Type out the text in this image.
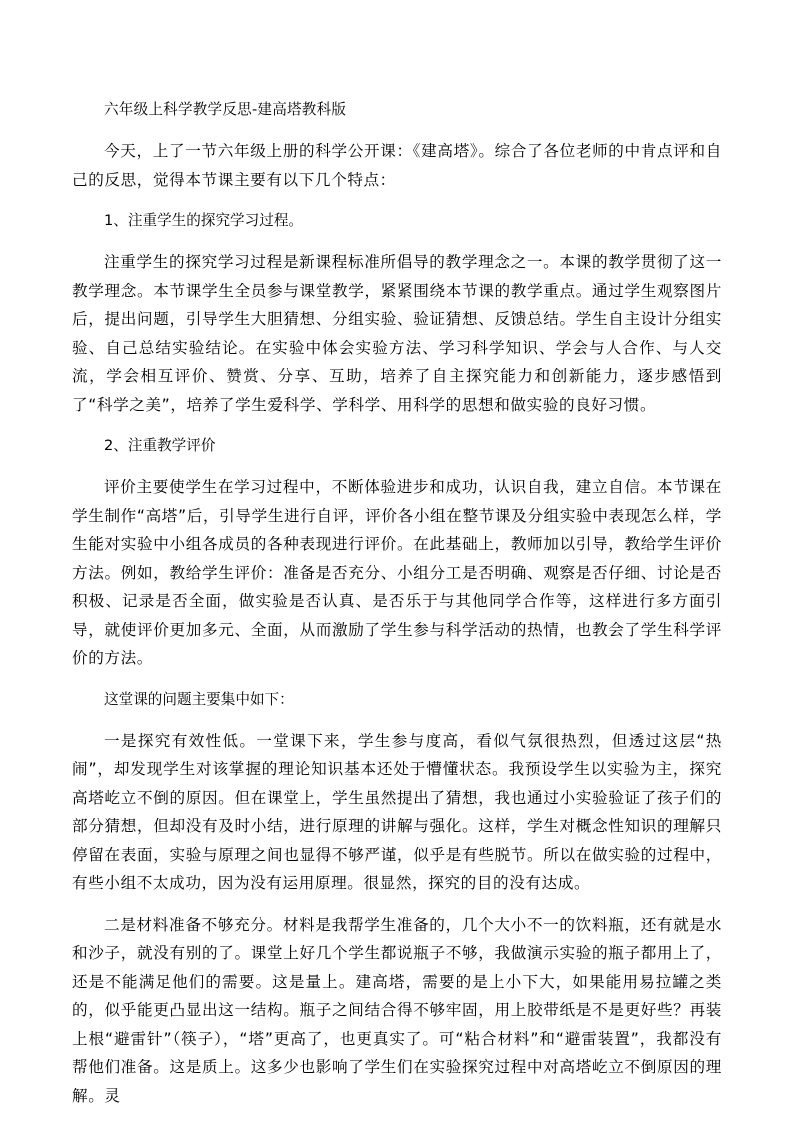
六年级上科学教学反思-建高塔教科版

今天，上了一节六年级上册的科学公开课：《建高塔》。综合了各位老师的中肯点评和自己的反思，觉得本节课主要有以下几个特点：

1、注重学生的探究学习过程。

注重学生的探究学习过程是新课程标准所倡导的教学理念之一。本课的教学贯彻了这一教学理念。本节课学生全员参与课堂教学，紧紧围绕本节课的教学重点。通过学生观察图片后，提出问题，引导学生大胆猜想、分组实验、验证猜想、反馈总结。学生自主设计分组实验、自己总结实验结论。在实验中体会实验方法、学习科学知识、学会与人合作、与人交流，学会相互评价、赞赏、分享、互助，培养了自主探究能力和创新能力，逐步感悟到了“科学之美”，培养了学生爱科学、学科学、用科学的思想和做实验的良好习惯。

2、注重教学评价

评价主要使学生在学习过程中，不断体验进步和成功，认识自我，建立自信。本节课在学生制作“高塔”后，引导学生进行自评，评价各小组在整节课及分组实验中表现怎么样，学生能对实验中小组各成员的各种表现进行评价。在此基础上，教师加以引导，教给学生评价方法。例如，教给学生评价：准备是否充分、小组分工是否明确、观察是否仔细、讨论是否积极、记录是否全面，做实验是否认真、是否乐于与其他同学合作等，这样进行多方面引导，就使评价更加多元、全面，从而激励了学生参与科学活动的热情，也教会了学生科学评价的方法。

这堂课的问题主要集中如下：

一是探究有效性低。一堂课下来，学生参与度高，看似气氛很热烈，但透过这层“热闹”，却发现学生对该掌握的理论知识基本还处于懵懂状态。我预设学生以实验为主，探究高塔屹立不倒的原因。但在课堂上，学生虽然提出了猜想，我也通过小实验验证了孩子们的部分猜想，但却没有及时小结，进行原理的讲解与强化。这样，学生对概念性知识的理解只停留在表面，实验与原理之间也显得不够严谨，似乎是有些脱节。所以在做实验的过程中，有些小组不太成功，因为没有运用原理。很显然，探究的目的没有达成。

二是材料准备不够充分。材料是我帮学生准备的，几个大小不一的饮料瓶，还有就是水和沙子，就没有别的了。课堂上好几个学生都说瓶子不够，我做演示实验的瓶子都用上了，还是不能满足他们的需要。这是量上。建高塔，需要的是上小下大，如果能用易拉罐之类的，似乎能更凸显出这一结构。瓶子之间结合得不够牢固，用上胶带纸是不是更好些？再装上根“避雷针”（筷子），“塔”更高了，也更真实了。可“粘合材料”和“避雷装置”，我都没有帮他们准备。这是质上。这多少也影响了学生们在实验探究过程中对高塔屹立不倒原因的理解。灵
